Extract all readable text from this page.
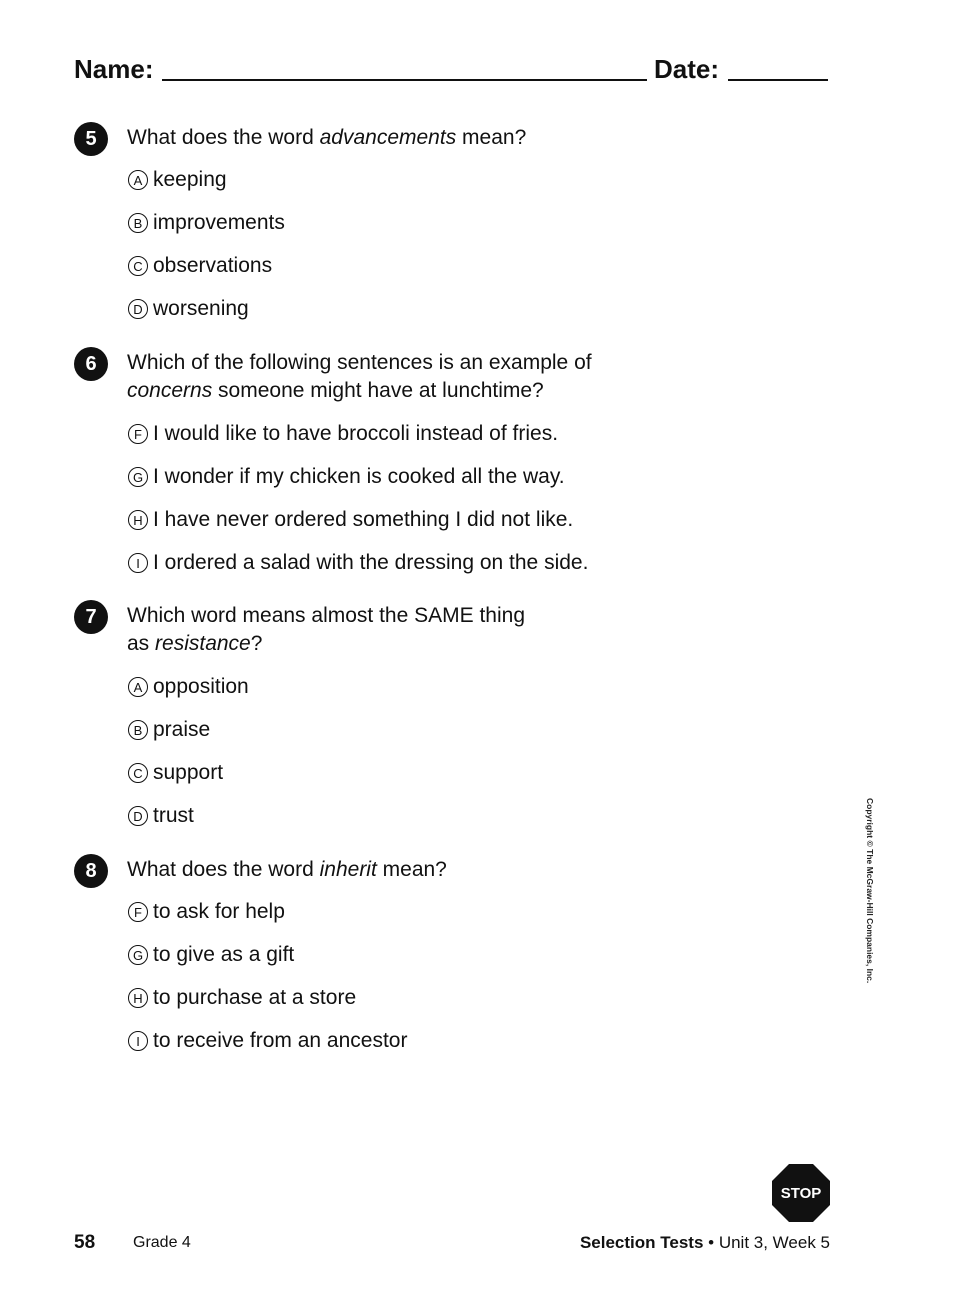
Name:	Date:
5	What does the word advancements mean?
A keeping
B improvements
C observations
D worsening
6	Which of the following sentences is an example of
concerns someone might have at lunchtime?
F I would like to have broccoli instead of fries.
G I wonder if my chicken is cooked all the way.
H I have never ordered something I did not like.
I I ordered a salad with the dressing on the side.
7	Which word means almost the SAME thing
as resistance?
A opposition
B praise
C support
D trust
8	What does the word inherit mean?
F to ask for help
G to give as a gift
H to purchase at a store
I to receive from an ancestor
Copyright © The McGraw-Hill Companies, Inc.
STOP
58 Grade 4	Selection Tests • Unit 3, Week 5
